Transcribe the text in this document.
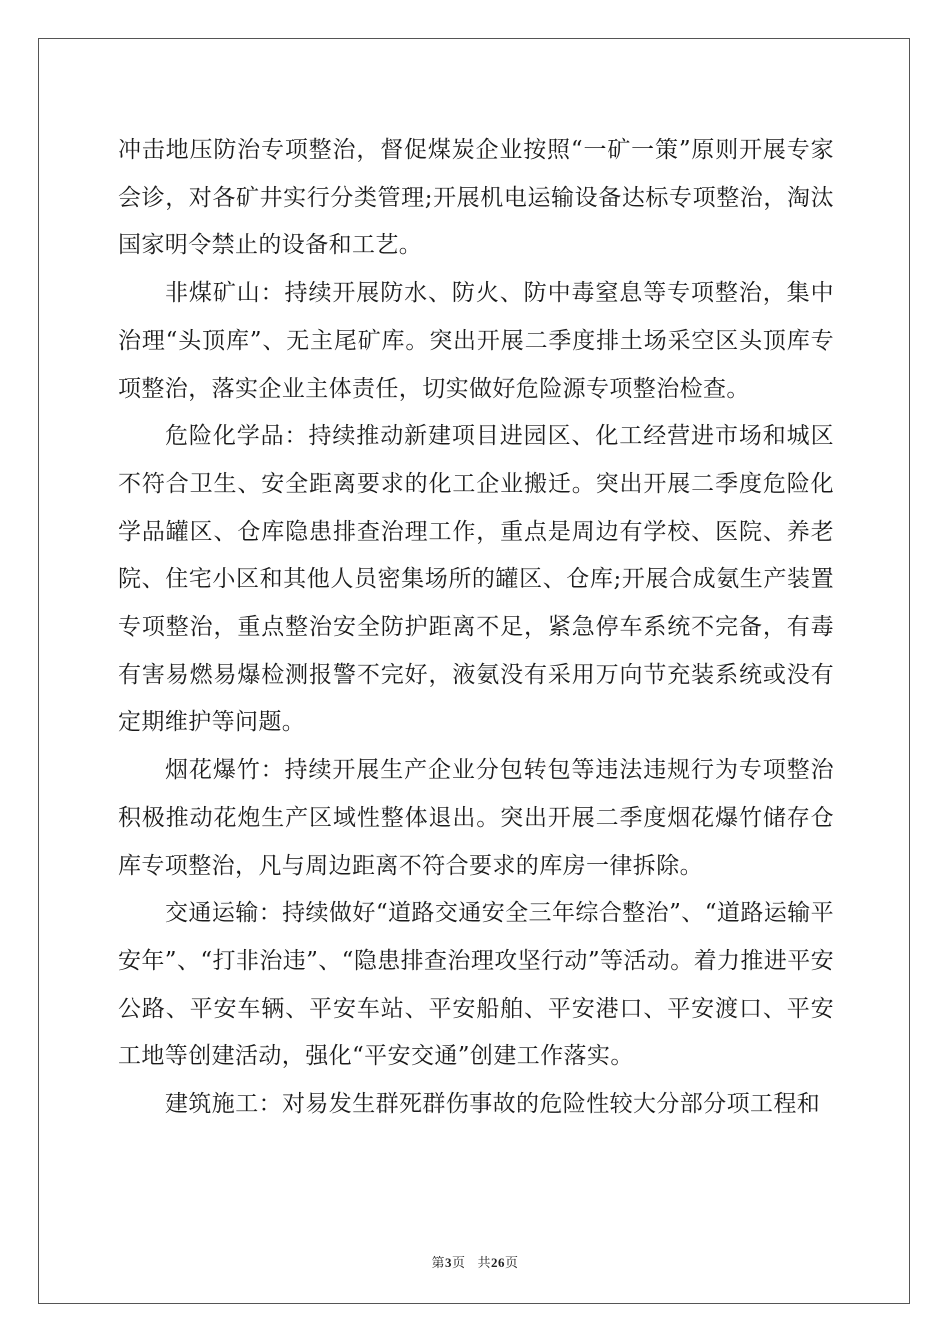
冲击地压防治专项整治，督促煤炭企业按照“一矿一策”原则开展专家会诊，对各矿井实行分类管理;开展机电运输设备达标专项整治，淘汰国家明令禁止的设备和工艺。

非煤矿山：持续开展防水、防火、防中毒窒息等专项整治，集中治理“头顶库”、无主尾矿库。突出开展二季度排土场采空区头顶库专项整治，落实企业主体责任，切实做好危险源专项整治检查。

危险化学品：持续推动新建项目进园区、化工经营进市场和城区不符合卫生、安全距离要求的化工企业搬迁。突出开展二季度危险化学品罐区、仓库隐患排查治理工作，重点是周边有学校、医院、养老院、住宅小区和其他人员密集场所的罐区、仓库;开展合成氨生产装置专项整治，重点整治安全防护距离不足，紧急停车系统不完备，有毒有害易燃易爆检测报警不完好，液氨没有采用万向节充装系统或没有定期维护等问题。

烟花爆竹：持续开展生产企业分包转包等违法违规行为专项整治积极推动花炮生产区域性整体退出。突出开展二季度烟花爆竹储存仓库专项整治，凡与周边距离不符合要求的库房一律拆除。

交通运输：持续做好“道路交通安全三年综合整治”、“道路运输平安年”、“打非治违”、“隐患排查治理攻坚行动”等活动。着力推进平安公路、平安车辆、平安车站、平安船舶、平安港口、平安渡口、平安工地等创建活动，强化“平安交通”创建工作落实。

建筑施工：对易发生群死群伤事故的危险性较大分部分项工程和

第3页 共26页
